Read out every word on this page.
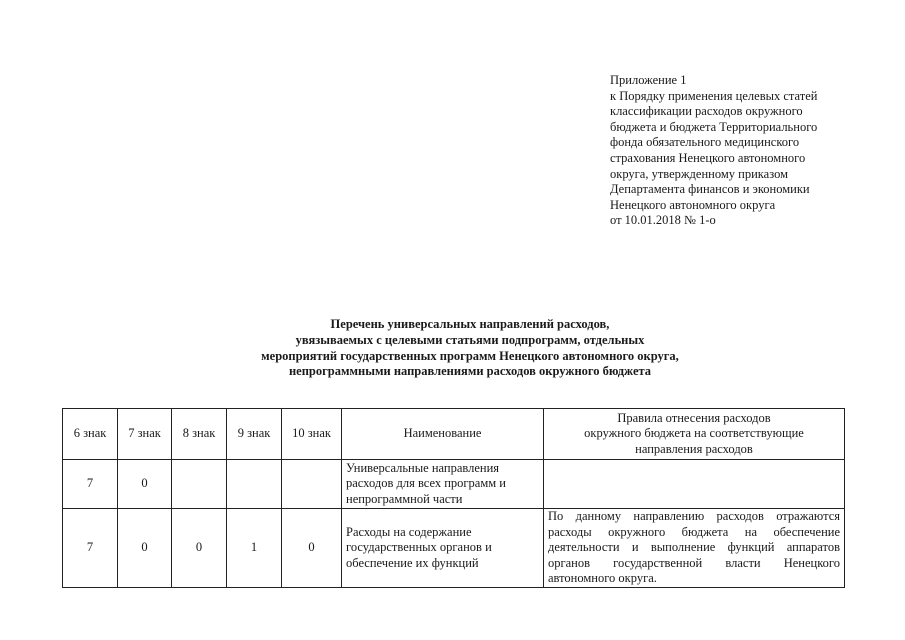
Приложение 1
к Порядку применения целевых статей
классификации расходов окружного
бюджета и бюджета Территориального
фонда обязательного медицинского
страхования Ненецкого автономного
округа, утвержденному приказом
Департамента финансов и экономики
Ненецкого автономного округа
от 10.01.2018 № 1-о
Перечень универсальных направлений расходов,
увязываемых с целевыми статьями подпрограмм, отдельных
мероприятий государственных программ Ненецкого автономного округа,
непрограммными направлениями расходов окружного бюджета
6 знак	7 знак	8 знак	9 знак	10 знак	Наименование	Правила отнесения расходов
окружного бюджета на соответствующие
направления расходов

7	0				Универсальные направления расходов для всех программ и непрограммной части	
7	0	0	1	0	Расходы на содержание государственных органов и обеспечение их функций	По данному направлению расходов отражаются расходы окружного бюджета на обеспечение деятельности и выполнение функций аппаратов органов государственной власти Ненецкого автономного округа.
